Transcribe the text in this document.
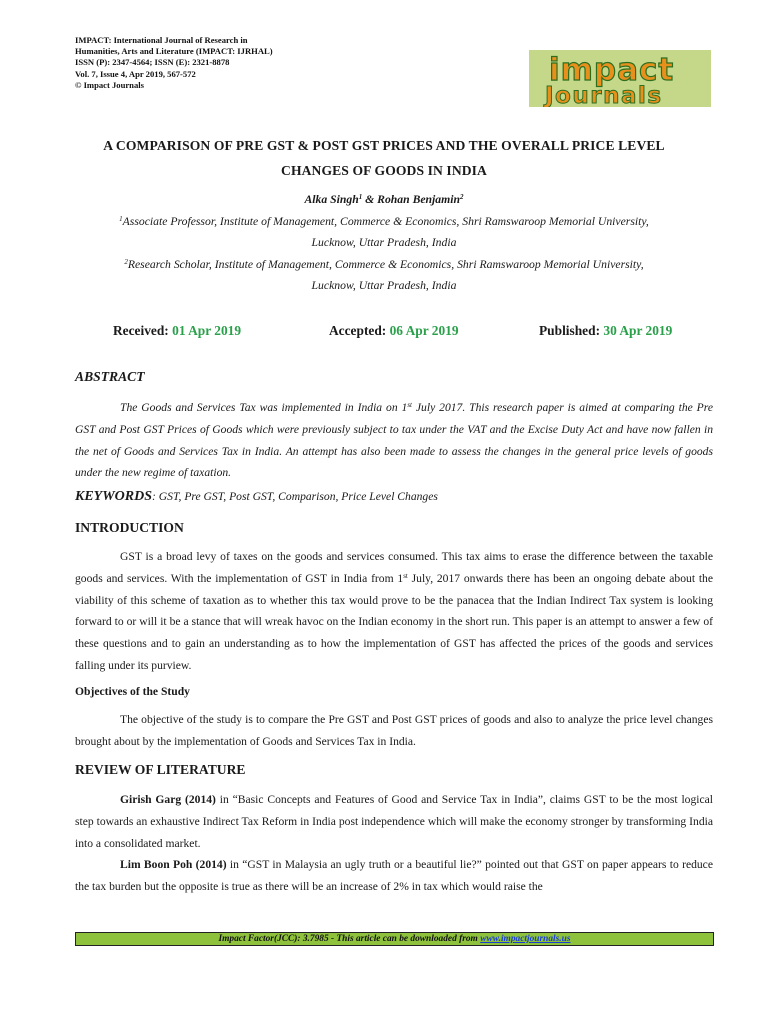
IMPACT: International Journal of Research in
Humanities, Arts and Literature (IMPACT: IJRHAL)
ISSN (P): 2347-4564; ISSN (E): 2321-8878
Vol. 7, Issue 4, Apr 2019, 567-572
© Impact Journals	impact
Journals
A COMPARISON OF PRE GST & POST GST PRICES AND THE OVERALL PRICE LEVEL
CHANGES OF GOODS IN INDIA
Alka Singh$^1$ & Rohan Benjamin$^2$
$^1$Associate Professor, Institute of Management, Commerce & Economics, Shri Ramswaroop Memorial University,
Lucknow, Uttar Pradesh, India
$^2$Research Scholar, Institute of Management, Commerce & Economics, Shri Ramswaroop Memorial University,
Lucknow, Uttar Pradesh, India
Received: 01 Apr 2019	Accepted: 06 Apr 2019	Published: 30 Apr 2019
ABSTRACT

The Goods and Services Tax was implemented in India on 1st July 2017. This research paper is aimed at comparing the Pre GST and Post GST Prices of Goods which were previously subject to tax under the VAT and the Excise Duty Act and have now fallen in the net of Goods and Services Tax in India. An attempt has also been made to assess the changes in the general price levels of goods under the new regime of taxation.

KEYWORDS: GST, Pre GST, Post GST, Comparison, Price Level Changes
INTRODUCTION

GST is a broad levy of taxes on the goods and services consumed. This tax aims to erase the difference between the taxable goods and services. With the implementation of GST in India from 1st July, 2017 onwards there has been an ongoing debate about the viability of this scheme of taxation as to whether this tax would prove to be the panacea that the Indian Indirect Tax system is looking forward to or will it be a stance that will wreak havoc on the Indian economy in the short run. This paper is an attempt to answer a few of these questions and to gain an understanding as to how the implementation of GST has affected the prices of the goods and services falling under its purview.

Objectives of the Study

The objective of the study is to compare the Pre GST and Post GST prices of goods and also to analyze the price level changes brought about by the implementation of Goods and Services Tax in India.

REVIEW OF LITERATURE

Girish Garg (2014) in “Basic Concepts and Features of Good and Service Tax in India”, claims GST to be the most logical step towards an exhaustive Indirect Tax Reform in India post independence which will make the economy stronger by transforming India into a consolidated market.

Lim Boon Poh (2014) in “GST in Malaysia an ugly truth or a beautiful lie?” pointed out that GST on paper appears to reduce the tax burden but the opposite is true as there will be an increase of 2% in tax which would raise the

Impact Factor(JCC): 3.7985 - This article can be downloaded from www.impactjournals.us
